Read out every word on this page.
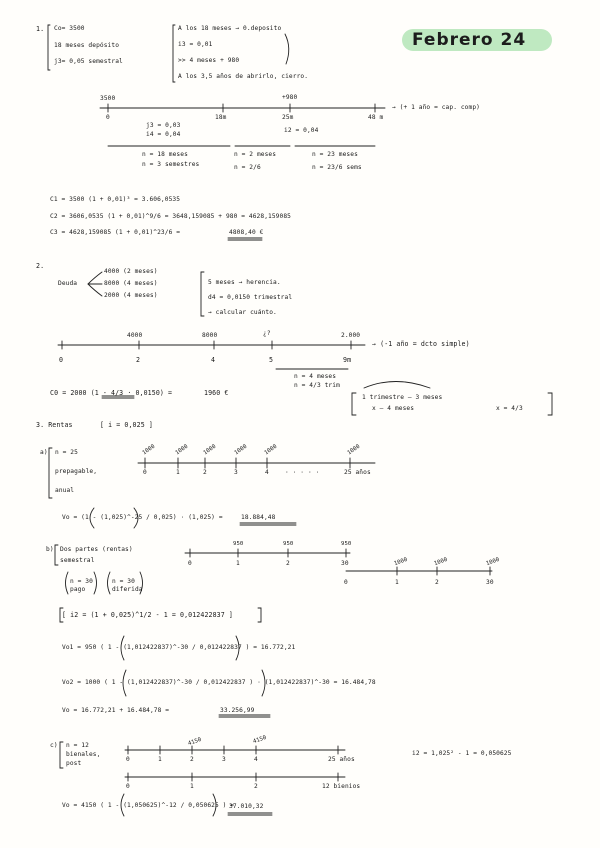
Febrero 24
1. Co= 3500
18 meses depósito
j3= 0,05 semestral
A los 18 meses → 0.deposito
i3 = 0,01
>> 4 meses + 980
A los 3,5 años de abrirlo, cierro.
3500	+980
0	18m	25m	48 m
→ (+ 1 año = cap. comp)
j3 = 0,03
i4 = 0,04
i2 = 0,04
n = 18 meses
n = 3 semestres
n = 2 meses
n = 2/6
n = 23 meses
n = 23/6 sems
C1 = 3500 (1 + 0,01)³ = 3.606,0535
C2 = 3606,0535 (1 + 0,01)^9/6 = 3648,159085 + 980 = 4628,159085
C3 = 4628,159085 (1 + 0,01)^23/6 =	4808,40 €
2.
Deuda
4000 (2 meses)
8000 (4 meses)
2000 (4 meses)
5 meses → herencia.
d4 = 0,0150 trimestral
→ calcular cuánto.
4000	8000	¿?	2.000
0	2	4	5	9m
→ (-1 año = dcto simple)
n = 4 meses
n = 4/3 trim
C0 = 2000 (1 - 4/3 · 0,0150) =	1960 €
1 trimestre — 3 meses
x — 4 meses	x = 4/3
3. Rentas	[ i = 0,025 ]
a) n = 25
prepagable,
anual
1000	1000 1000	1000	1000	1000
0	1	2	3	4	· · · · ·	25 años
Vo = (1 - (1,025)^-25 / 0,025) · (1,025) =	18.884,48
b) Dos partes (rentas)
semestral
n = 30 pago
n = 30 diferida
950	950	950
0	1	2	30	1000	1000	1000
0	1	2	30
[ i2 = (1 + 0,025)^1/2 - 1 = 0,012422837 ]
Vo1 = 950 ( 1 - (1,012422837)^-30 / 0,012422837 ) = 16.772,21
Vo2 = 1000 ( 1 - (1,012422837)^-30 / 0,012422837 ) · (1,012422837)^-30 = 16.484,78
Vo = 16.772,21 + 16.484,78 =	33.256,99
c) n = 12
bienales,
post
4150	4150
0	1	2	3	4	25 años
0	1	2	12 bienios
i2 = 1,025² - 1 = 0,050625
Vo = 4150 ( 1 - (1,050625)^-12 / 0,050625 ) =
37.010,32
